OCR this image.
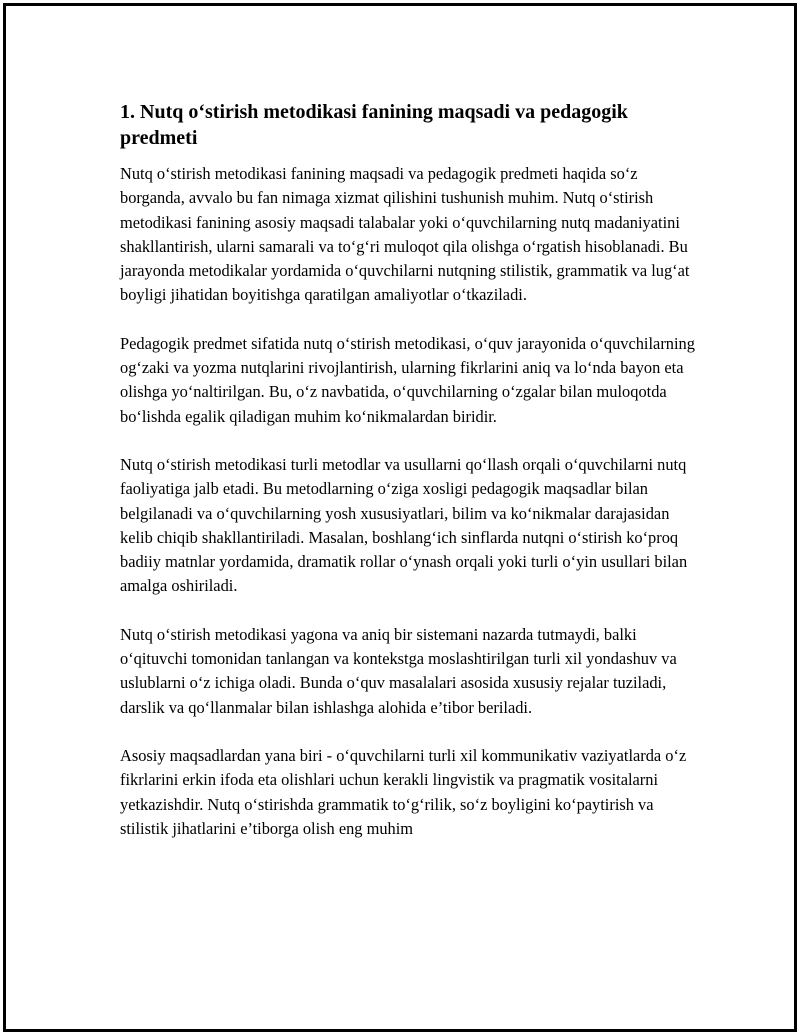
1. Nutq o‘stirish metodikasi fanining maqsadi va pedagogik predmeti

Nutq o‘stirish metodikasi fanining maqsadi va pedagogik predmeti haqida so‘z borganda, avvalo bu fan nimaga xizmat qilishini tushunish muhim. Nutq o‘stirish metodikasi fanining asosiy maqsadi talabalar yoki o‘quvchilarning nutq madaniyatini shakllantirish, ularni samarali va to‘g‘ri muloqot qila olishga o‘rgatish hisoblanadi. Bu jarayonda metodikalar yordamida o‘quvchilarni nutqning stilistik, grammatik va lug‘at boyligi jihatidan boyitishga qaratilgan amaliyotlar o‘tkaziladi.

Pedagogik predmet sifatida nutq o‘stirish metodikasi, o‘quv jarayonida o‘quvchilarning og‘zaki va yozma nutqlarini rivojlantirish, ularning fikrlarini aniq va lo‘nda bayon eta olishga yo‘naltirilgan. Bu, o‘z navbatida, o‘quvchilarning o‘zgalar bilan muloqotda bo‘lishda egalik qiladigan muhim ko‘nikmalardan biridir.

Nutq o‘stirish metodikasi turli metodlar va usullarni qo‘llash orqali o‘quvchilarni nutq faoliyatiga jalb etadi. Bu metodlarning o‘ziga xosligi pedagogik maqsadlar bilan belgilanadi va o‘quvchilarning yosh xususiyatlari, bilim va ko‘nikmalar darajasidan kelib chiqib shakllantiriladi. Masalan, boshlang‘ich sinflarda nutqni o‘stirish ko‘proq badiiy matnlar yordamida, dramatik rollar o‘ynash orqali yoki turli o‘yin usullari bilan amalga oshiriladi.

Nutq o‘stirish metodikasi yagona va aniq bir sistemani nazarda tutmaydi, balki o‘qituvchi tomonidan tanlangan va kontekstga moslashtirilgan turli xil yondashuv va uslublarni o‘z ichiga oladi. Bunda o‘quv masalalari asosida xususiy rejalar tuziladi, darslik va qo‘llanmalar bilan ishlashga alohida e’tibor beriladi.

Asosiy maqsadlardan yana biri - o‘quvchilarni turli xil kommunikativ vaziyatlarda o‘z fikrlarini erkin ifoda eta olishlari uchun kerakli lingvistik va pragmatik vositalarni yetkazishdir. Nutq o‘stirishda grammatik to‘g‘rilik, so‘z boyligini ko‘paytirish va stilistik jihatlarini e’tiborga olish eng muhim
